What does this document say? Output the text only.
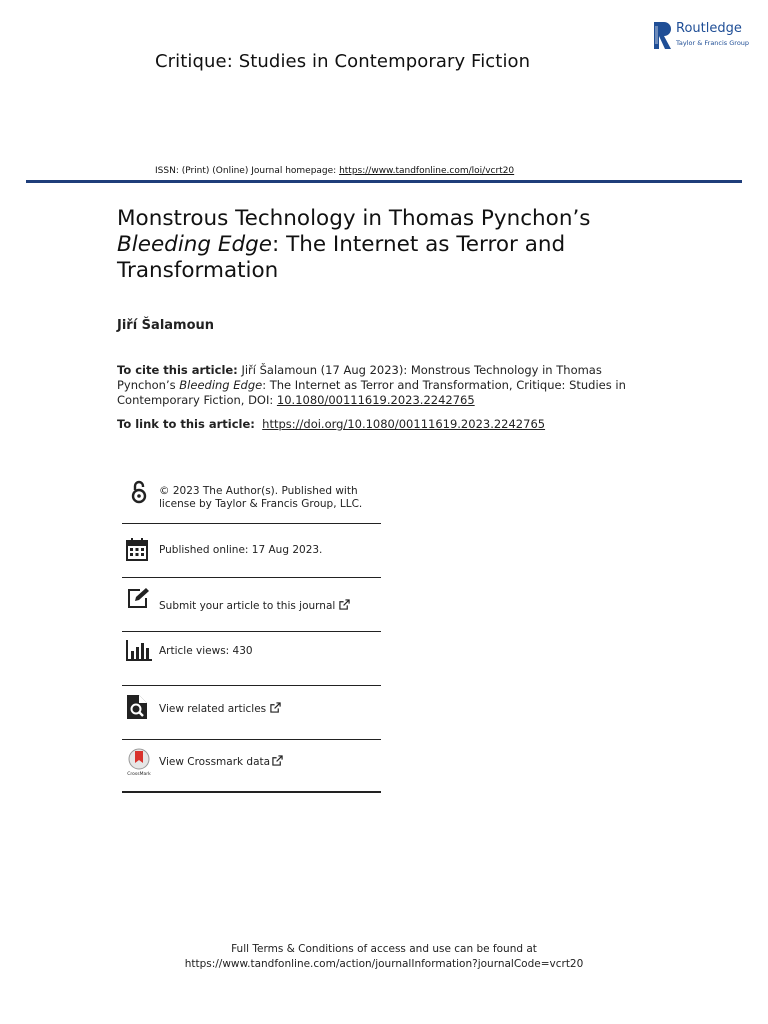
Critique: Studies in Contemporary Fiction
Routledge
Taylor & Francis Group
ISSN: (Print) (Online) Journal homepage: https://www.tandfonline.com/loi/vcrt20
Monstrous Technology in Thomas Pynchon’s
Bleeding Edge: The Internet as Terror and Transformation
Jiří Šalamoun
To cite this article: Jiří Šalamoun (17 Aug 2023): Monstrous Technology in Thomas Pynchon’s Bleeding Edge: The Internet as Terror and Transformation, Critique: Studies in Contemporary Fiction, DOI: 10.1080/00111619.2023.2242765
To link to this article: https://doi.org/10.1080/00111619.2023.2242765
© 2023 The Author(s). Published with license by Taylor & Francis Group, LLC.
Published online: 17 Aug 2023.
Submit your article to this journal
Article views: 430
View related articles
CrossMark
View Crossmark data
Full Terms & Conditions of access and use can be found at
https://www.tandfonline.com/action/journalInformation?journalCode=vcrt20
